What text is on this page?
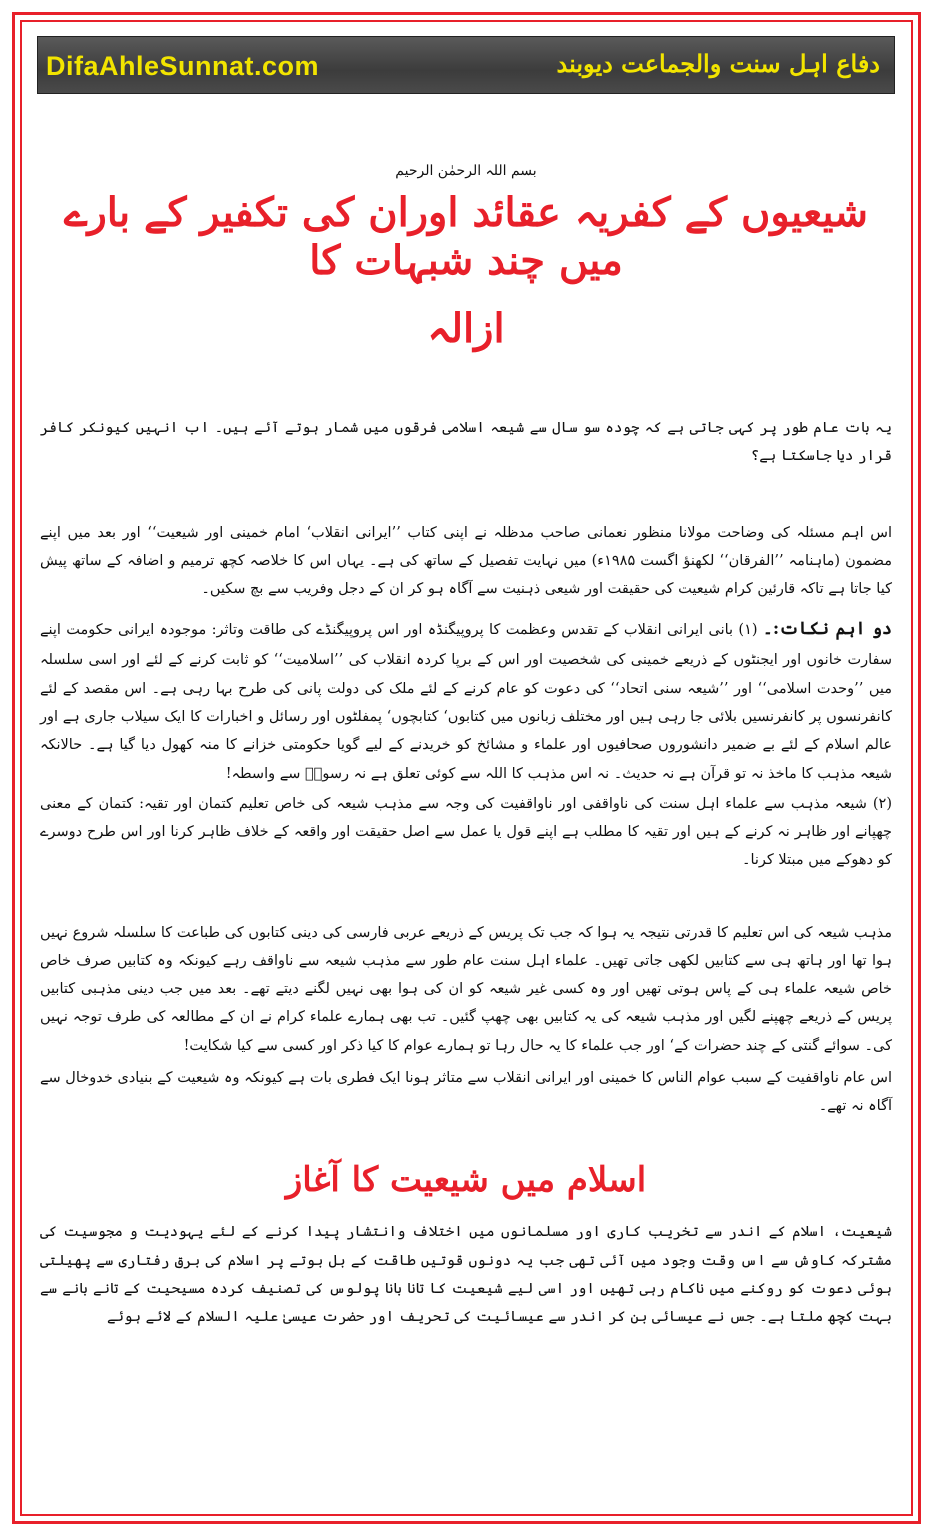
DifaAhleSunnat.com	دفاع اہل سنت والجماعت دیوبند
بسم اللہ الرحمٰن الرحیم
شیعیوں کے کفریہ عقائد اوران کی تکفیر کے بارے میں چند شبہات کا
ازالہ

یہ بات عام طور پر کہی جاتی ہے کہ چودہ سو سال سے شیعہ اسلامی فرقوں میں شمار ہوتے آئے ہیں۔ اب انہیں کیونکر کافر قرار دیا جاسکتا ہے؟

اس اہم مسئلہ کی وضاحت مولانا منظور نعمانی صاحب مدظلہ نے اپنی کتاب ’’ایرانی انقلاب‘ امام خمینی اور شیعیت‘‘ اور بعد میں اپنے مضمون (ماہنامہ ’’الفرقان‘‘ لکھنؤ اگست ۱۹۸۵ء) میں نہایت تفصیل کے ساتھ کی ہے۔ یہاں اس کا خلاصہ کچھ ترمیم و اضافہ کے ساتھ پیش کیا جاتا ہے تاکہ قارئین کرام شیعیت کی حقیقت اور شیعی ذہنیت سے آگاہ ہو کر ان کے دجل وفریب سے بچ سکیں۔

دو اہم نکات:۔ (۱) بانی ایرانی انقلاب کے تقدس وعظمت کا پروپیگنڈہ اور اس پروپیگنڈے کی طاقت وتاثر: موجودہ ایرانی حکومت اپنے سفارت خانوں اور ایجنٹوں کے ذریعے خمینی کی شخصیت اور اس کے برپا کردہ انقلاب کی ’’اسلامیت‘‘ کو ثابت کرنے کے لئے اور اسی سلسلہ میں ’’وحدت اسلامی‘‘ اور ’’شیعہ سنی اتحاد‘‘ کی دعوت کو عام کرنے کے لئے ملک کی دولت پانی کی طرح بہا رہی ہے۔ اس مقصد کے لئے کانفرنسوں پر کانفرنسیں بلائی جا رہی ہیں اور مختلف زبانوں میں کتابوں‘ کتابچوں‘ پمفلٹوں اور رسائل و اخبارات کا ایک سیلاب جاری ہے اور عالم اسلام کے لئے بے ضمیر دانشوروں صحافیوں اور علماء و مشائخ کو خریدنے کے لیے گویا حکومتی خزانے کا منہ کھول دیا گیا ہے۔ حالانکہ شیعہ مذہب کا ماخذ نہ تو قرآن ہے نہ حدیث۔ نہ اس مذہب کا اللہ سے کوئی تعلق ہے نہ رسولؐ سے واسطہ!

(۲) شیعہ مذہب سے علماء اہل سنت کی ناواقفی اور ناواقفیت کی وجہ سے مذہب شیعہ کی خاص تعلیم کتمان اور تقیہ: کتمان کے معنی چھپانے اور ظاہر نہ کرنے کے ہیں اور تقیہ کا مطلب ہے اپنے قول یا عمل سے اصل حقیقت اور واقعہ کے خلاف ظاہر کرنا اور اس طرح دوسرے کو دھوکے میں مبتلا کرنا۔

مذہب شیعہ کی اس تعلیم کا قدرتی نتیجہ یہ ہوا کہ جب تک پریس کے ذریعے عربی فارسی کی دینی کتابوں کی طباعت کا سلسلہ شروع نہیں ہوا تھا اور ہاتھ ہی سے کتابیں لکھی جاتی تھیں۔ علماء اہل سنت عام طور سے مذہب شیعہ سے ناواقف رہے کیونکہ وہ کتابیں صرف خاص خاص شیعہ علماء ہی کے پاس ہوتی تھیں اور وہ کسی غیر شیعہ کو ان کی ہوا بھی نہیں لگنے دیتے تھے۔ بعد میں جب دینی مذہبی کتابیں پریس کے ذریعے چھپنے لگیں اور مذہب شیعہ کی یہ کتابیں بھی چھپ گئیں۔ تب بھی ہمارے علماء کرام نے ان کے مطالعہ کی طرف توجہ نہیں کی۔ سوائے گنتی کے چند حضرات کے‘ اور جب علماء کا یہ حال رہا تو ہمارے عوام کا کیا ذکر اور کسی سے کیا شکایت!

اس عام ناواقفیت کے سبب عوام الناس کا خمینی اور ایرانی انقلاب سے متاثر ہونا ایک فطری بات ہے کیونکہ وہ شیعیت کے بنیادی خدوخال سے آگاہ نہ تھے۔

اسلام میں شیعیت کا آغاز

شیعیت، اسلام کے اندر سے تخریب کاری اور مسلمانوں میں اختلاف وانتشار پیدا کرنے کے لئے یہودیت و مجوسیت کی مشترکہ کاوش سے اس وقت وجود میں آئی تھی جب یہ دونوں قوتیں طاقت کے بل بوتے پر اسلام کی برق رفتاری سے پھیلتی ہوئی دعوت کو روکنے میں ناکام رہی تھیں اور اسی لیے شیعیت کا تانا بانا پولوس کی تصنیف کردہ مسیحیت کے تانے بانے سے بہت کچھ ملتا ہے۔ جس نے عیسائی بن کر اندر سے عیسائیت کی تحریف اور حضرت عیسیٰ علیہ السلام کے لائے ہوئے
